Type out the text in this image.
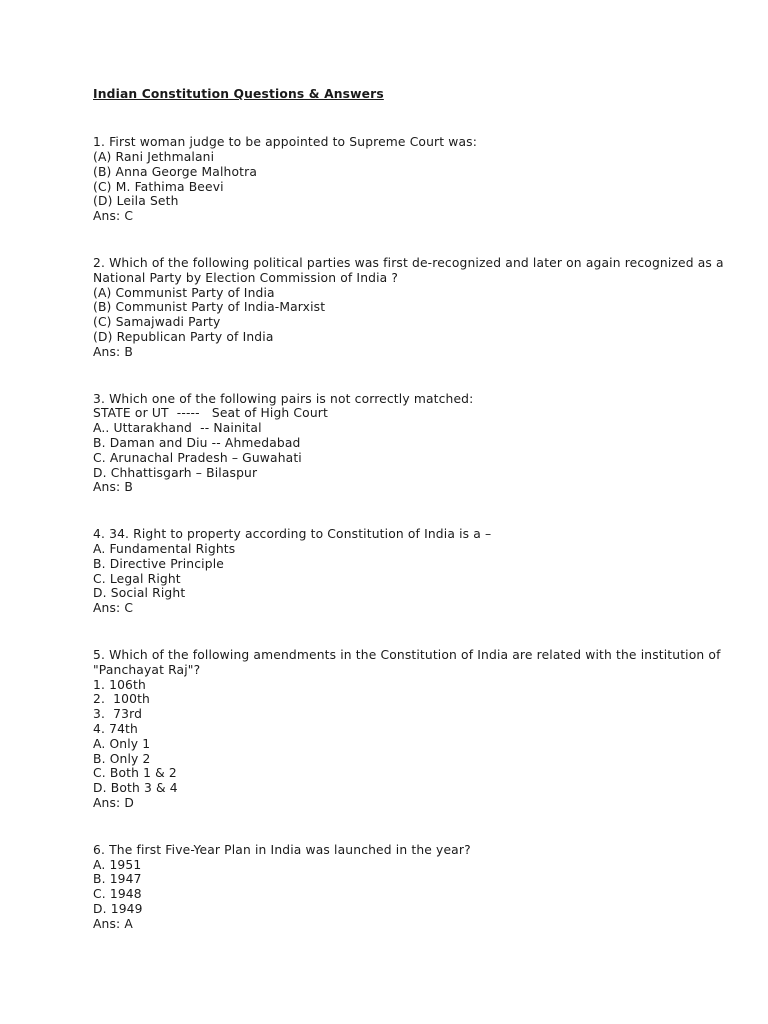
Indian Constitution Questions & Answers
1. First woman judge to be appointed to Supreme Court was:
(A) Rani Jethmalani
(B) Anna George Malhotra
(C) M. Fathima Beevi
(D) Leila Seth
Ans: C
2. Which of the following political parties was first de-recognized and later on again recognized as a National Party by Election Commission of India ?
(A) Communist Party of India
(B) Communist Party of India-Marxist
(C) Samajwadi Party
(D) Republican Party of India
Ans: B
3. Which one of the following pairs is not correctly matched:
STATE or UT  -----   Seat of High Court
A.. Uttarakhand  -- Nainital
B. Daman and Diu -- Ahmedabad
C. Arunachal Pradesh – Guwahati
D. Chhattisgarh – Bilaspur
Ans: B
4. 34. Right to property according to Constitution of India is a –
A. Fundamental Rights
B. Directive Principle
C. Legal Right
D. Social Right
Ans: C
5. Which of the following amendments in the Constitution of India are related with the institution of "Panchayat Raj"?
1. 106th
2.  100th
3.  73rd
4. 74th
A. Only 1
B. Only 2
C. Both 1 & 2
D. Both 3 & 4
Ans: D
6. The first Five-Year Plan in India was launched in the year?
A. 1951
B. 1947
C. 1948
D. 1949
Ans: A
